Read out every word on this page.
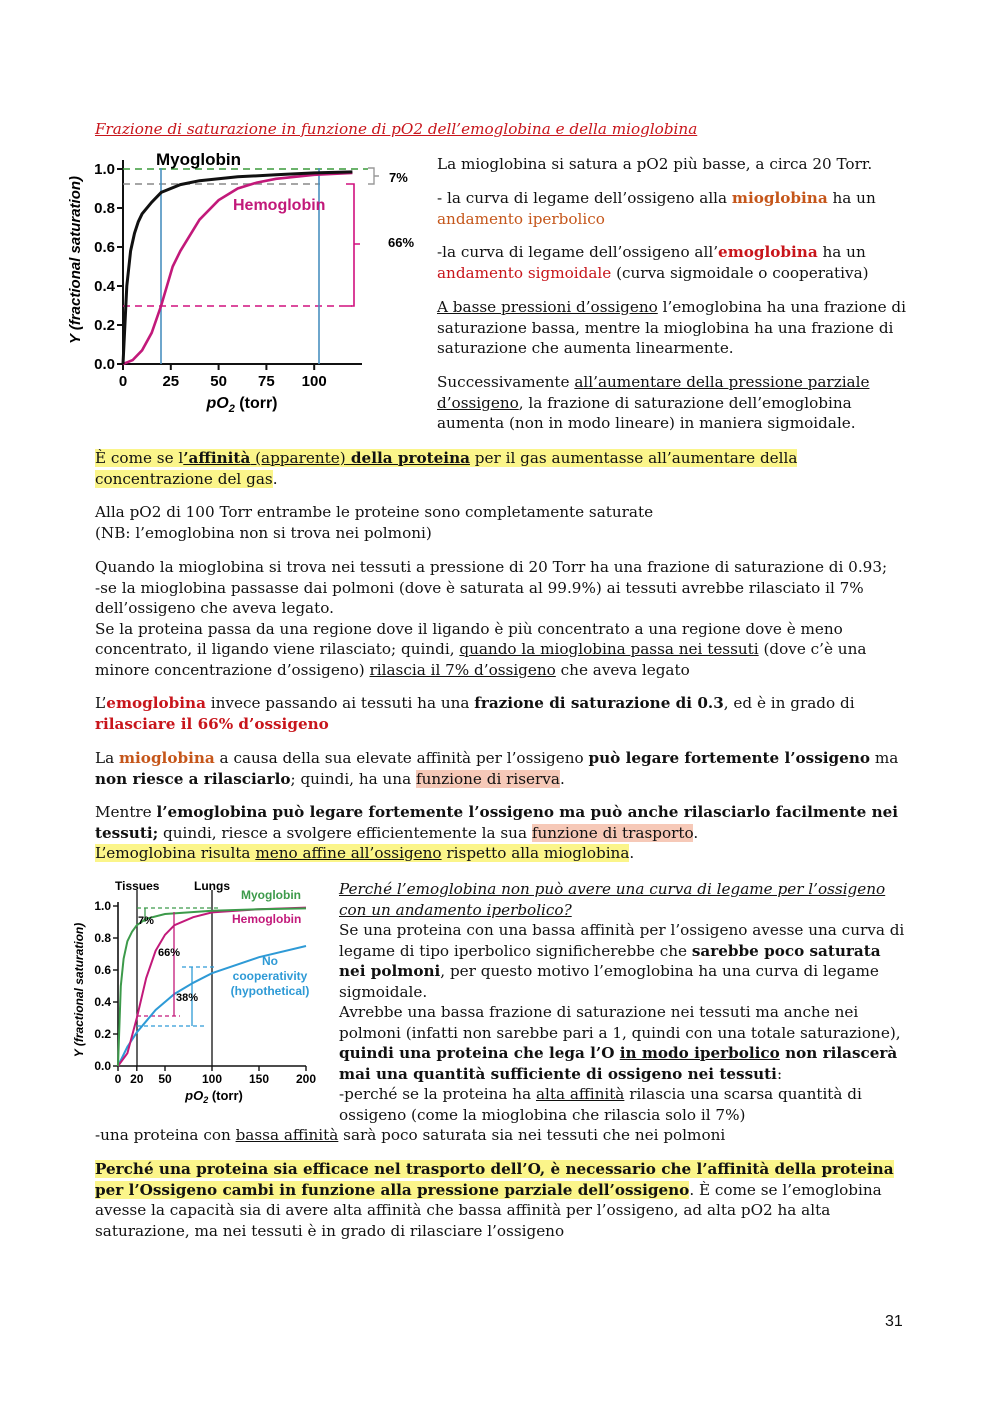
Frazione di saturazione in funzione di pO2 dell’emoglobina e della mioglobina
Y (fractional saturation)
0.0
0.2
0.4
0.6
0.8
1.0
0 25 50 75 100
7%
66%
Myoglobin
Hemoglobin
$pO_2$ (torr)

La mioglobina si satura a pO2 più basse, a circa 20 Torr.

- la curva di legame dell’ossigeno alla mioglobina ha un andamento iperbolico

-la curva di legame dell’ossigeno all’emoglobina ha un andamento sigmoidale (curva sigmoidale o cooperativa)

A basse pressioni d’ossigeno l’emoglobina ha una frazione di saturazione bassa, mentre la mioglobina ha una frazione di saturazione che aumenta linearmente.

Successivamente all’aumentare della pressione parziale d’ossigeno, la frazione di saturazione dell’emoglobina aumenta (non in modo lineare) in maniera sigmoidale.

È come se l’affinità (apparente) della proteina per il gas aumentasse all’aumentare della concentrazione del gas.

Alla pO2 di 100 Torr entrambe le proteine sono completamente saturate
(NB: l’emoglobina non si trova nei polmoni)

Quando la mioglobina si trova nei tessuti a pressione di 20 Torr ha una frazione di saturazione di 0.93;
-se la mioglobina passasse dai polmoni (dove è saturata al 99.9%) ai tessuti avrebbe rilasciato il 7% dell’ossigeno che aveva legato.
Se la proteina passa da una regione dove il ligando è più concentrato a una regione dove è meno concentrato, il ligando viene rilasciato; quindi, quando la mioglobina passa nei tessuti (dove c’è una minore concentrazione d’ossigeno) rilascia il 7% d’ossigeno che aveva legato

L’emoglobina invece passando ai tessuti ha una frazione di saturazione di 0.3, ed è in grado di rilasciare il 66% d’ossigeno

La mioglobina a causa della sua elevate affinità per l’ossigeno può legare fortemente l’ossigeno ma non riesce a rilasciarlo; quindi, ha una funzione di riserva.

Mentre l’emoglobina può legare fortemente l’ossigeno ma può anche rilasciarlo facilmente nei tessuti; quindi, riesce a svolgere efficientemente la sua funzione di trasporto.
L’emoglobina risulta meno affine all’ossigeno rispetto alla mioglobina.

Y (fractional saturation)
0.0
0.2
0.4
0.6
0.8
1.0
0 20 50	100 150 200
Tissues	Lungs
7%
66%
38%
Myoglobin
Hemoglobin
No
cooperativity
(hypothetical)
$pO_2$ (torr)

Perché l’emoglobina non può avere una curva di legame per l’ossigeno con un andamento iperbolico?
Se una proteina con una bassa affinità per l’ossigeno avesse una curva di legame di tipo iperbolico significherebbe che sarebbe poco saturata nei polmoni, per questo motivo l’emoglobina ha una curva di legame sigmoidale.
Avrebbe una bassa frazione di saturazione nei tessuti ma anche nei polmoni (infatti non sarebbe pari a 1, quindi con una totale saturazione), quindi una proteina che lega l’O in modo iperbolico non rilascerà mai una quantità sufficiente di ossigeno nei tessuti:
-perché se la proteina ha alta affinità rilascia una scarsa quantità di ossigeno (come la mioglobina che rilascia solo il 7%)

-una proteina con bassa affinità sarà poco saturata sia nei tessuti che nei polmoni

Perché una proteina sia efficace nel trasporto dell’O, è necessario che l’affinità della proteina per l’Ossigeno cambi in funzione alla pressione parziale dell’ossigeno. È come se l’emoglobina avesse la capacità sia di avere alta affinità che bassa affinità per l’ossigeno, ad alta pO2 ha alta saturazione, ma nei tessuti è in grado di rilasciare l’ossigeno

31
